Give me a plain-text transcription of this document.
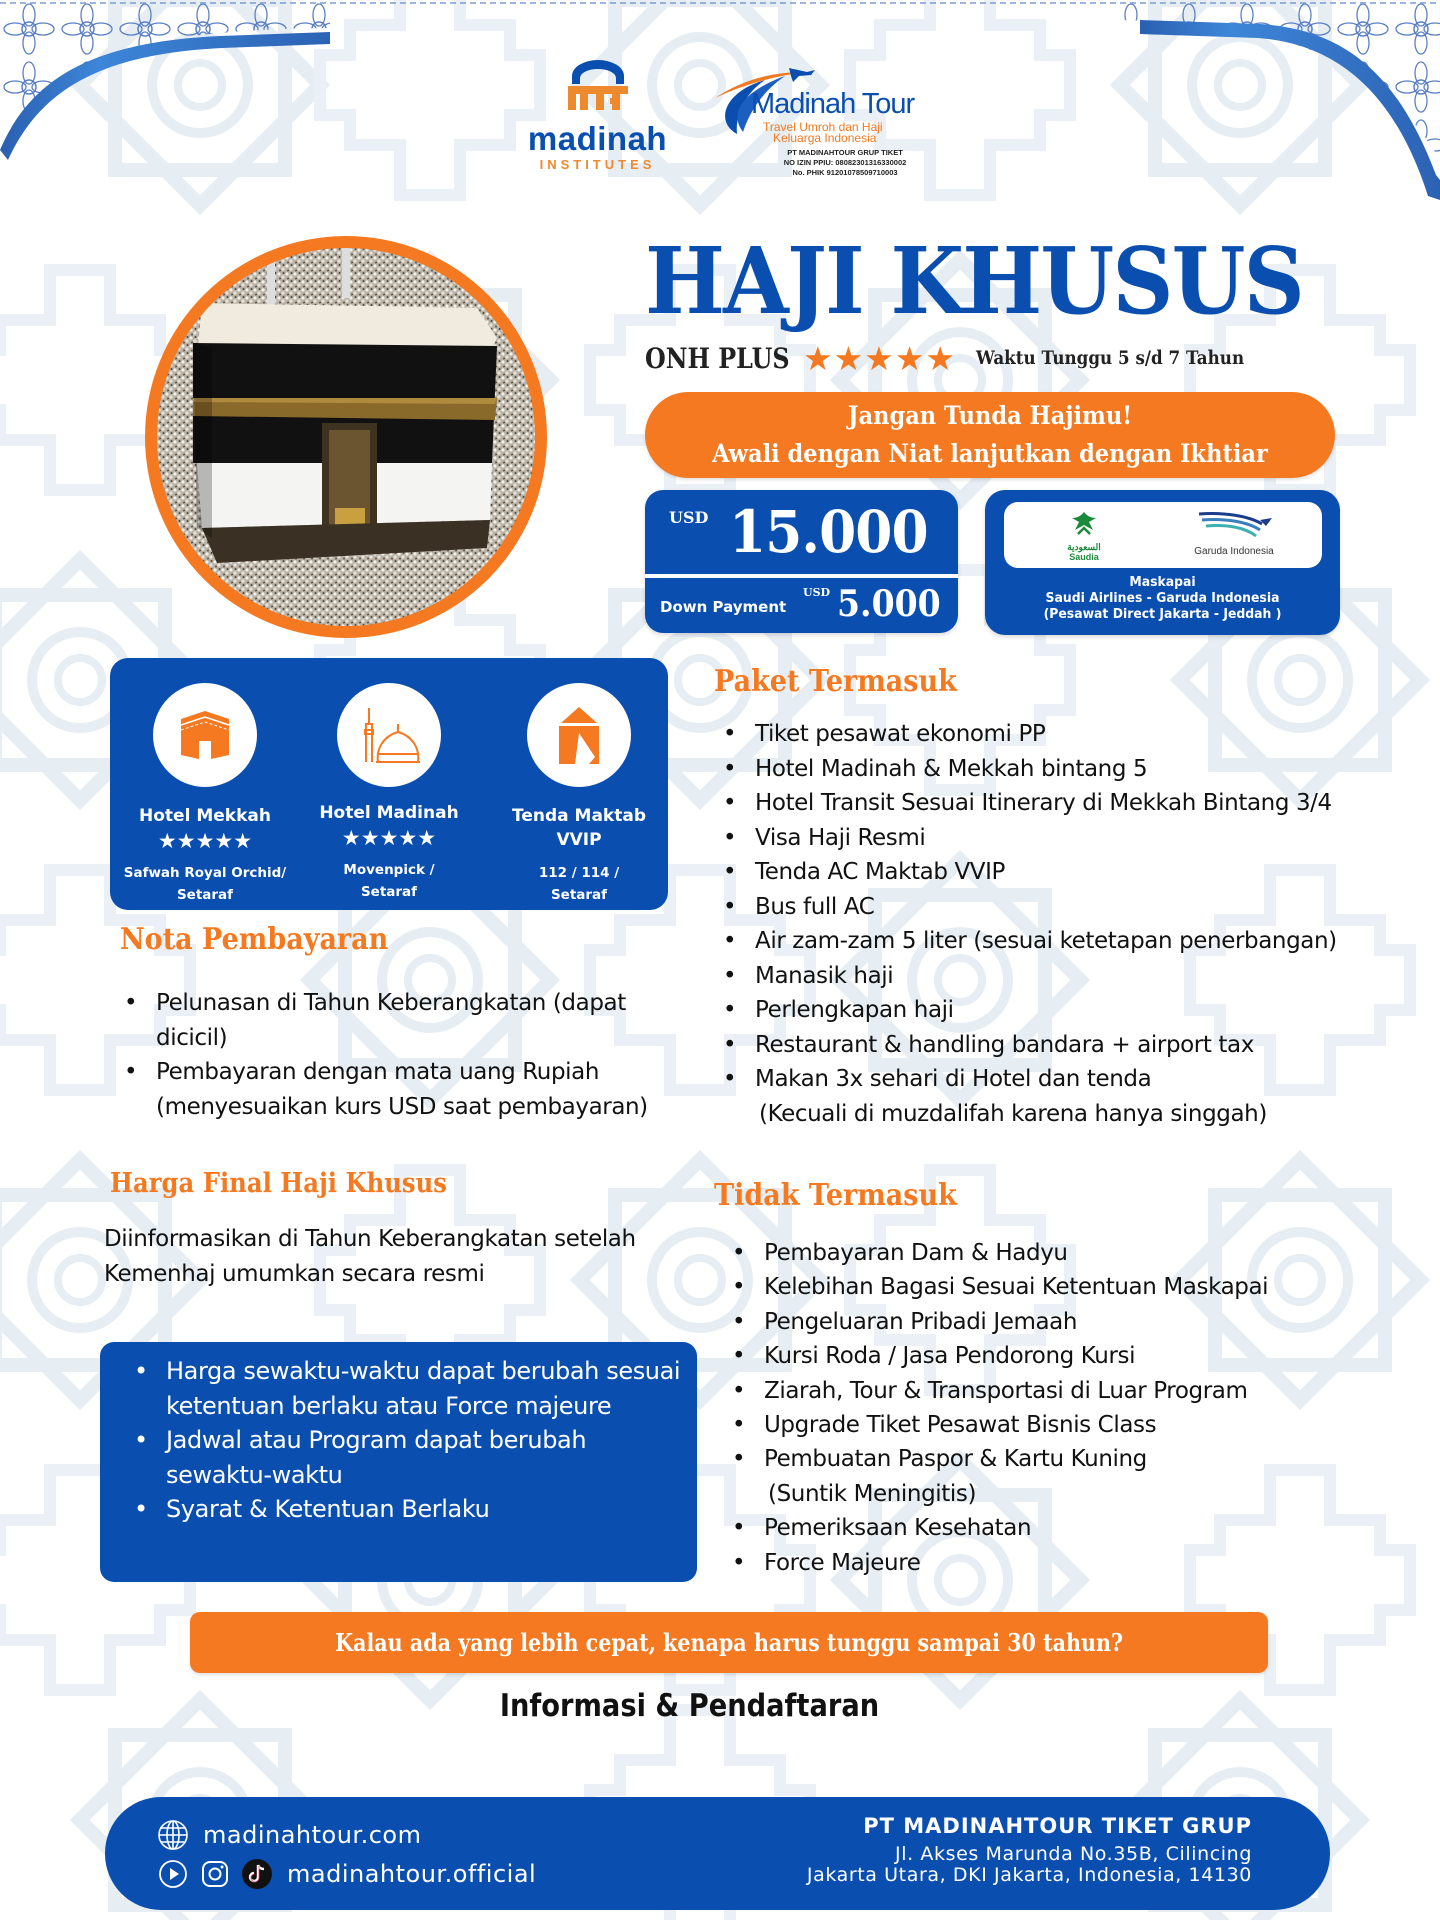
madinah
INSTITUTES
Madinah Tour
Travel Umroh dan Haji
Keluarga Indonesia
PT MADINAHTOUR GRUP TIKET
NO IZIN PPIU: 08082301316330002
No. PHIK 91201078509710003
HAJI KHUSUS
ONH PLUS ★★★★★ Waktu Tunggu 5 s/d 7 Tahun
Jangan Tunda Hajimu!
Awali dengan Niat lanjutkan dengan Ikhtiar
USD 15.000
Down Payment
USD 5.000
السعودية
Saudia	Garuda Indonesia
Maskapai
Saudi Airlines - Garuda Indonesia
(Pesawat Direct Jakarta - Jeddah )
Hotel Mekkah
★★★★★
Safwah Royal Orchid/
Setaraf
Hotel Madinah
★★★★★
Movenpick /
Setaraf
Tenda Maktab
VVIP
112 / 114 /
Setaraf
Paket Termasuk
• Tiket pesawat ekonomi PP
• Hotel Madinah & Mekkah bintang 5
• Hotel Transit Sesuai Itinerary di Mekkah Bintang 3/4
• Visa Haji Resmi
• Tenda AC Maktab VVIP
• Bus full AC
• Air zam-zam 5 liter (sesuai ketetapan penerbangan)
• Manasik haji
• Perlengkapan haji
• Restaurant & handling bandara + airport tax
• Makan 3x sehari di Hotel dan tenda
(Kecuali di muzdalifah karena hanya singgah)
Nota Pembayaran
• Pelunasan di Tahun Keberangkatan (dapat dicicil)
• Pembayaran dengan mata uang Rupiah (menyesuaikan kurs USD saat pembayaran)
Harga Final Haji Khusus
Diinformasikan di Tahun Keberangkatan setelah Kemenhaj umumkan secara resmi
• Harga sewaktu-waktu dapat berubah sesuai ketentuan berlaku atau Force majeure
• Jadwal atau Program dapat berubah sewaktu-waktu
• Syarat & Ketentuan Berlaku
Tidak Termasuk
• Pembayaran Dam & Hadyu
• Kelebihan Bagasi Sesuai Ketentuan Maskapai
• Pengeluaran Pribadi Jemaah
• Kursi Roda / Jasa Pendorong Kursi
• Ziarah, Tour & Transportasi di Luar Program
• Upgrade Tiket Pesawat Bisnis Class
• Pembuatan Paspor & Kartu Kuning
(Suntik Meningitis)
• Pemeriksaan Kesehatan
• Force Majeure
Kalau ada yang lebih cepat, kenapa harus tunggu sampai 30 tahun?
Informasi & Pendaftaran
madinahtour.com
madinahtour.official
PT MADINAHTOUR TIKET GRUP
Jl. Akses Marunda No.35B, Cilincing
Jakarta Utara, DKI Jakarta, Indonesia, 14130
